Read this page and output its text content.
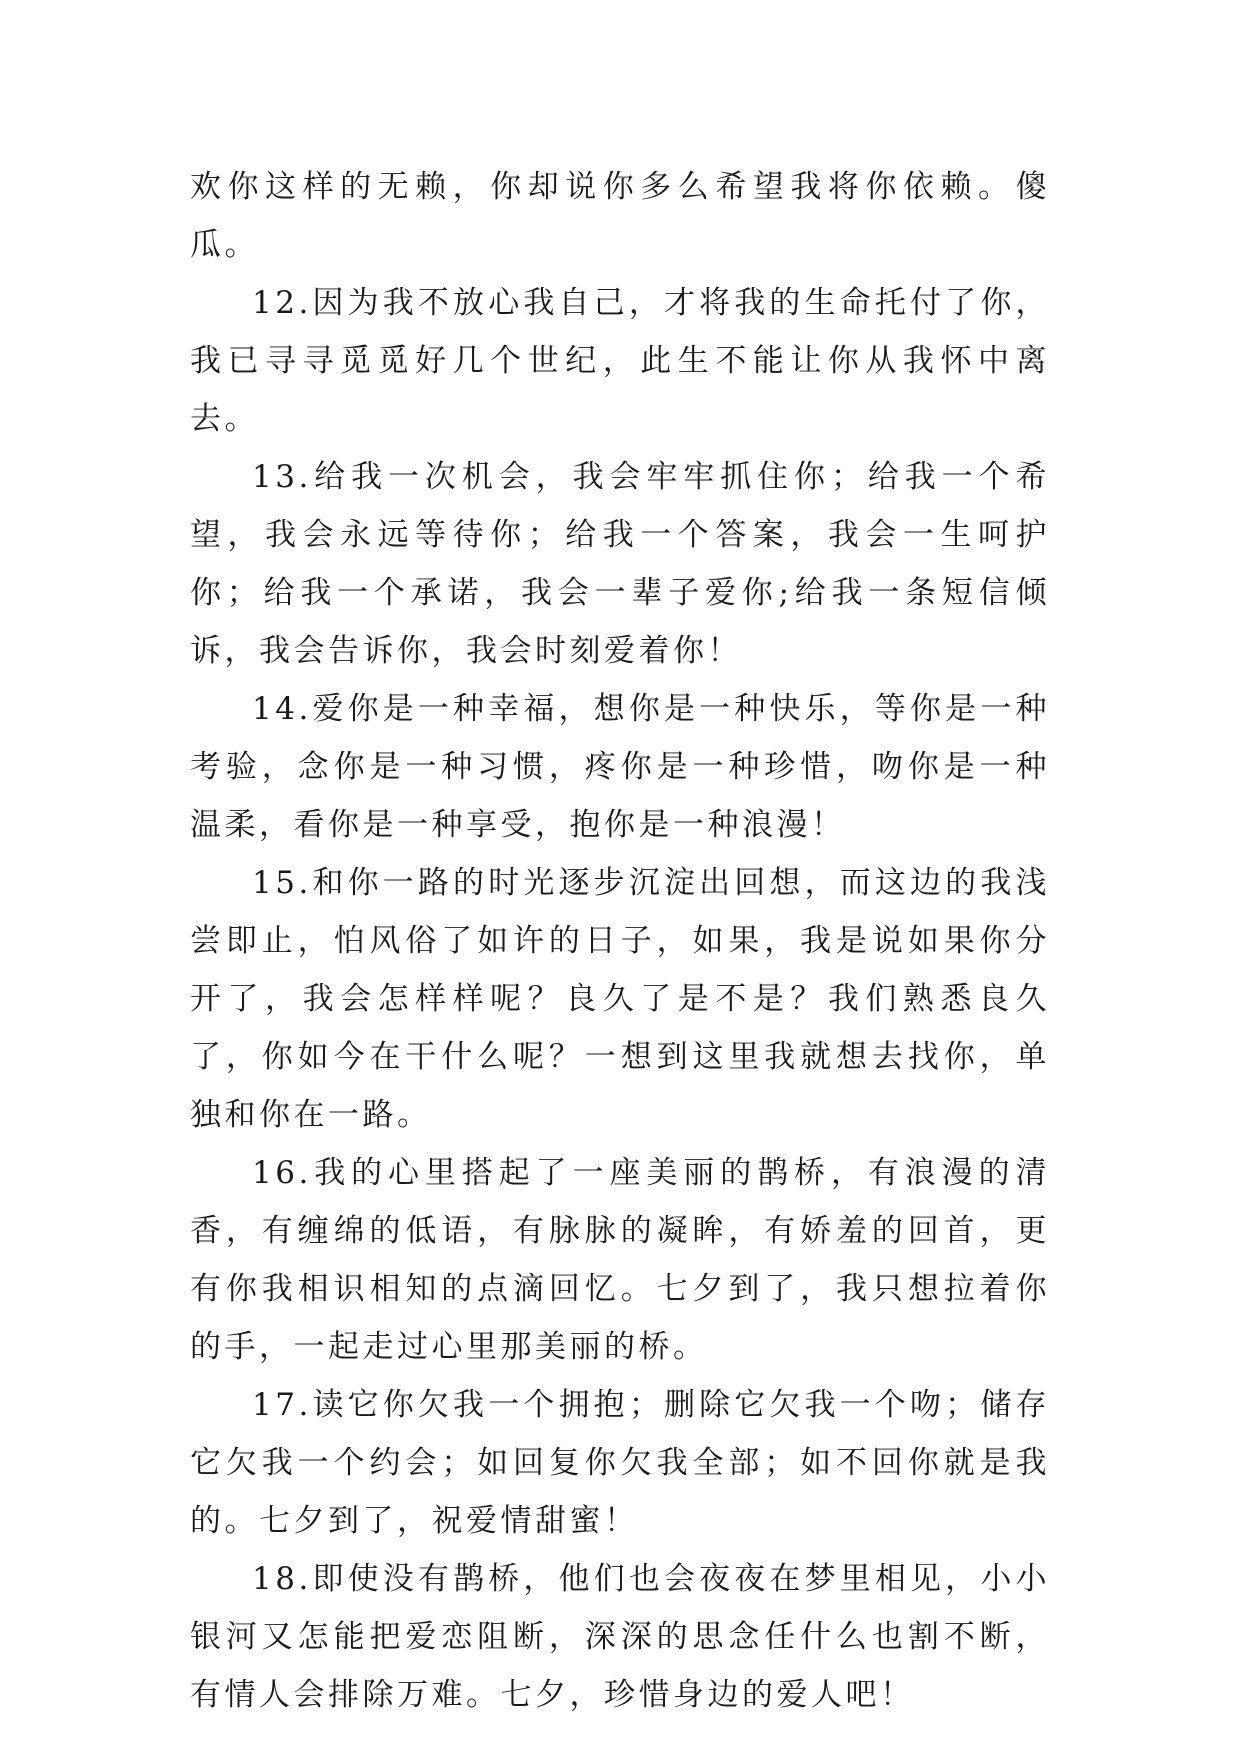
欢你这样的无赖，你却说你多么希望我将你依赖。傻瓜。

12.因为我不放心我自己，才将我的生命托付了你，我已寻寻觅觅好几个世纪，此生不能让你从我怀中离去。

13.给我一次机会，我会牢牢抓住你；给我一个希望，我会永远等待你；给我一个答案，我会一生呵护你；给我一个承诺，我会一辈子爱你;给我一条短信倾诉，我会告诉你，我会时刻爱着你！

14.爱你是一种幸福，想你是一种快乐，等你是一种考验，念你是一种习惯，疼你是一种珍惜，吻你是一种温柔，看你是一种享受，抱你是一种浪漫！

15.和你一路的时光逐步沉淀出回想，而这边的我浅尝即止，怕风俗了如许的日子，如果，我是说如果你分开了，我会怎样样呢？良久了是不是？我们熟悉良久了，你如今在干什么呢？一想到这里我就想去找你，单独和你在一路。

16.我的心里搭起了一座美丽的鹊桥，有浪漫的清香，有缠绵的低语，有脉脉的凝眸，有娇羞的回首，更有你我相识相知的点滴回忆。七夕到了，我只想拉着你的手，一起走过心里那美丽的桥。

17.读它你欠我一个拥抱；删除它欠我一个吻；储存它欠我一个约会；如回复你欠我全部；如不回你就是我的。七夕到了，祝爱情甜蜜！

18.即使没有鹊桥，他们也会夜夜在梦里相见，小小银河又怎能把爱恋阻断，深深的思念任什么也割不断，有情人会排除万难。七夕，珍惜身边的爱人吧！
